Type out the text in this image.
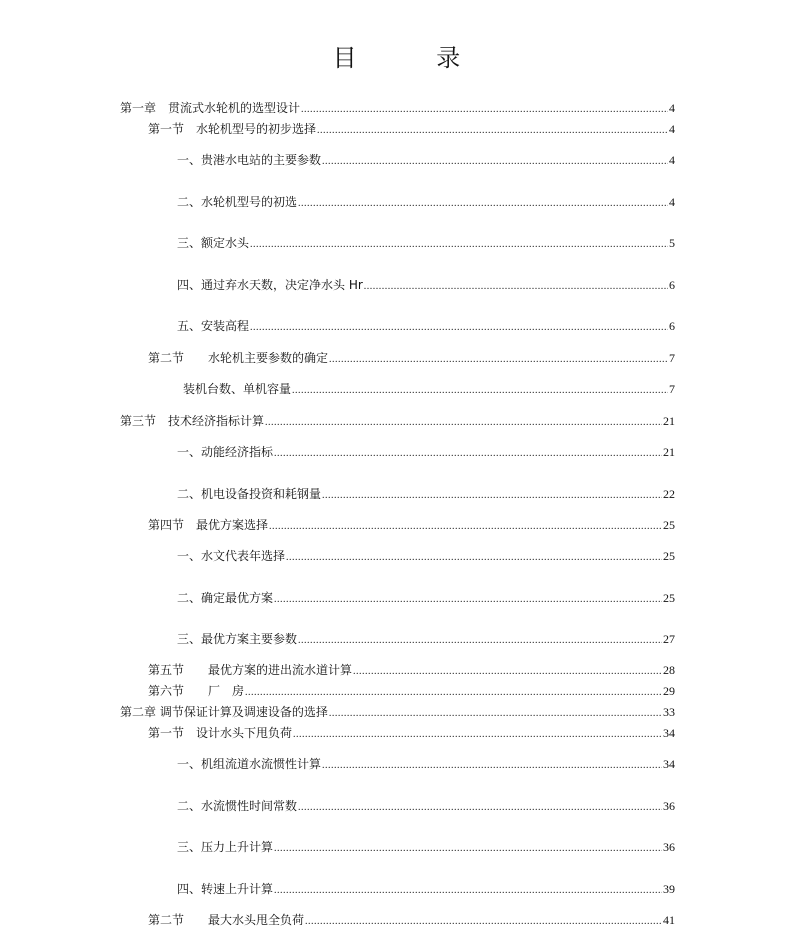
目 录
第一章　贯流式水轮机的选型设计 .....	4
第一节　水轮机型号的初步选择 .....	4
一、贵港水电站的主要参数 .....	4
二、水轮机型号的初选 .....	4
三、额定水头 .....	5
四、通过弃水天数，决定净水头 Hr .....	6
五、安装高程 .....	6
第二节　　水轮机主要参数的确定 .....	7
装机台数、单机容量 .....	7
第三节　技术经济指标计算 .....	21
一、动能经济指标 .....	21
二、机电设备投资和耗钢量 .....	22
第四节　最优方案选择 .....	25
一、水文代表年选择 .....	25
二、确定最优方案 .....	25
三、最优方案主要参数 .....	27
第五节　　最优方案的进出流水道计算 .....	28
第六节　　厂　房 .....	29
第二章 调节保证计算及调速设备的选择 .....	33
第一节　设计水头下甩负荷 .....	34
一、机组流道水流惯性计算 .....	34
二、水流惯性时间常数 .....	36
三、压力上升计算 .....	36
四、转速上升计算 .....	39
第二节　　最大水头甩全负荷 .....	41
